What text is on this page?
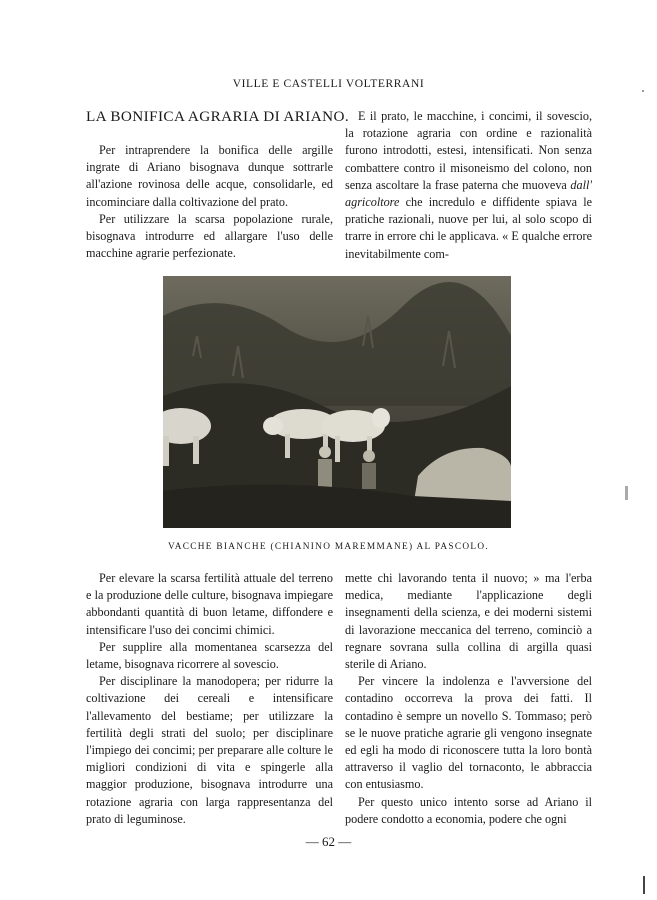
VILLE E CASTELLI VOLTERRANI
LA BONIFICA AGRARIA DI ARIANO.

Per intraprendere la bonifica delle argille ingrate di Ariano bisognava dunque sottrarle all'azione rovinosa delle acque, consolidarle, ed incominciare dalla coltivazione del prato.

Per utilizzare la scarsa popolazione rurale, bisognava introdurre ed allargare l'uso delle macchine agrarie perfezionate.

E il prato, le macchine, i concimi, il sovescio, la rotazione agraria con ordine e razionalità furono introdotti, estesi, intensificati. Non senza combattere contro il misoneismo del colono, non senza ascoltare la frase paterna che muoveva dall' agricoltore che incredulo e diffidente spiava le pratiche razionali, nuove per lui, al solo scopo di trarre in errore chi le applicava. « E qualche errore inevitabilmente com-

VACCHE BIANCHE (CHIANINO MAREMMANE) AL PASCOLO.

Per elevare la scarsa fertilità attuale del terreno e la produzione delle culture, bisognava impiegare abbondanti quantità di buon letame, diffondere e intensificare l'uso dei concimi chimici.

Per supplire alla momentanea scarsezza del letame, bisognava ricorrere al sovescio.

Per disciplinare la manodopera; per ridurre la coltivazione dei cereali e intensificare l'allevamento del bestiame; per utilizzare la fertilità degli strati del suolo; per disciplinare l'impiego dei concimi; per preparare alle colture le migliori condizioni di vita e spingerle alla maggior produzione, bisognava introdurre una rotazione agraria con larga rappresentanza del prato di leguminose.

mette chi lavorando tenta il nuovo; » ma l'erba medica, mediante l'applicazione degli insegnamenti della scienza, e dei moderni sistemi di lavorazione meccanica del terreno, cominciò a regnare sovrana sulla collina di argilla quasi sterile di Ariano.

Per vincere la indolenza e l'avversione del contadino occorreva la prova dei fatti. Il contadino è sempre un novello S. Tommaso; però se le nuove pratiche agrarie gli vengono insegnate ed egli ha modo di riconoscere tutta la loro bontà attraverso il vaglio del tornaconto, le abbraccia con entusiasmo.

Per questo unico intento sorse ad Ariano il podere condotto a economia, podere che ogni

— 62 —
